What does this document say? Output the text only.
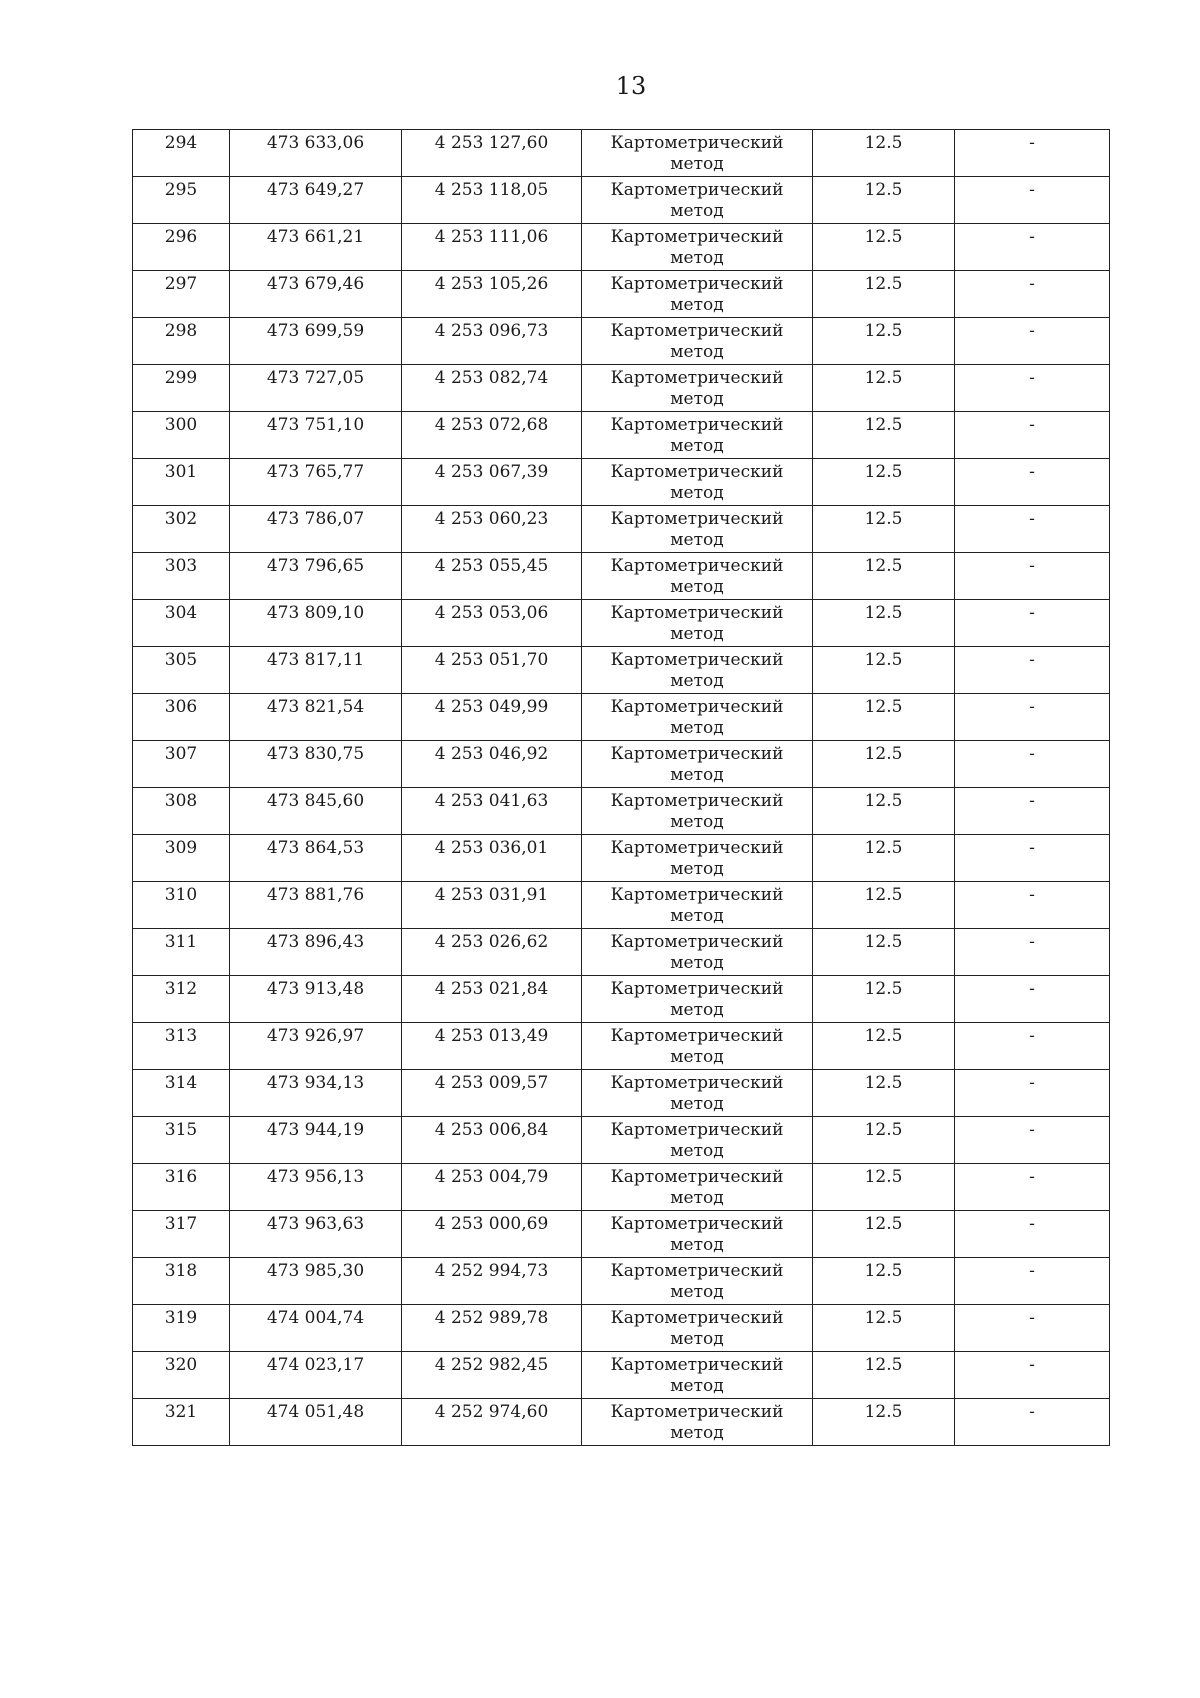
13
294	473 633,06	4 253 127,60	Картометрический метод	12.5	-

295	473 649,27	4 253 118,05	Картометрический метод	12.5	-

296	473 661,21	4 253 111,06	Картометрический метод	12.5	-

297	473 679,46	4 253 105,26	Картометрический метод	12.5	-

298	473 699,59	4 253 096,73	Картометрический метод	12.5	-

299	473 727,05	4 253 082,74	Картометрический метод	12.5	-

300	473 751,10	4 253 072,68	Картометрический метод	12.5	-

301	473 765,77	4 253 067,39	Картометрический метод	12.5	-

302	473 786,07	4 253 060,23	Картометрический метод	12.5	-

303	473 796,65	4 253 055,45	Картометрический метод	12.5	-

304	473 809,10	4 253 053,06	Картометрический метод	12.5	-

305	473 817,11	4 253 051,70	Картометрический метод	12.5	-

306	473 821,54	4 253 049,99	Картометрический метод	12.5	-

307	473 830,75	4 253 046,92	Картометрический метод	12.5	-

308	473 845,60	4 253 041,63	Картометрический метод	12.5	-

309	473 864,53	4 253 036,01	Картометрический метод	12.5	-

310	473 881,76	4 253 031,91	Картометрический метод	12.5	-

311	473 896,43	4 253 026,62	Картометрический метод	12.5	-

312	473 913,48	4 253 021,84	Картометрический метод	12.5	-

313	473 926,97	4 253 013,49	Картометрический метод	12.5	-

314	473 934,13	4 253 009,57	Картометрический метод	12.5	-

315	473 944,19	4 253 006,84	Картометрический метод	12.5	-

316	473 956,13	4 253 004,79	Картометрический метод	12.5	-

317	473 963,63	4 253 000,69	Картометрический метод	12.5	-

318	473 985,30	4 252 994,73	Картометрический метод	12.5	-

319	474 004,74	4 252 989,78	Картометрический метод	12.5	-

320	474 023,17	4 252 982,45	Картометрический метод	12.5	-

321	474 051,48	4 252 974,60	Картометрический метод	12.5	-
